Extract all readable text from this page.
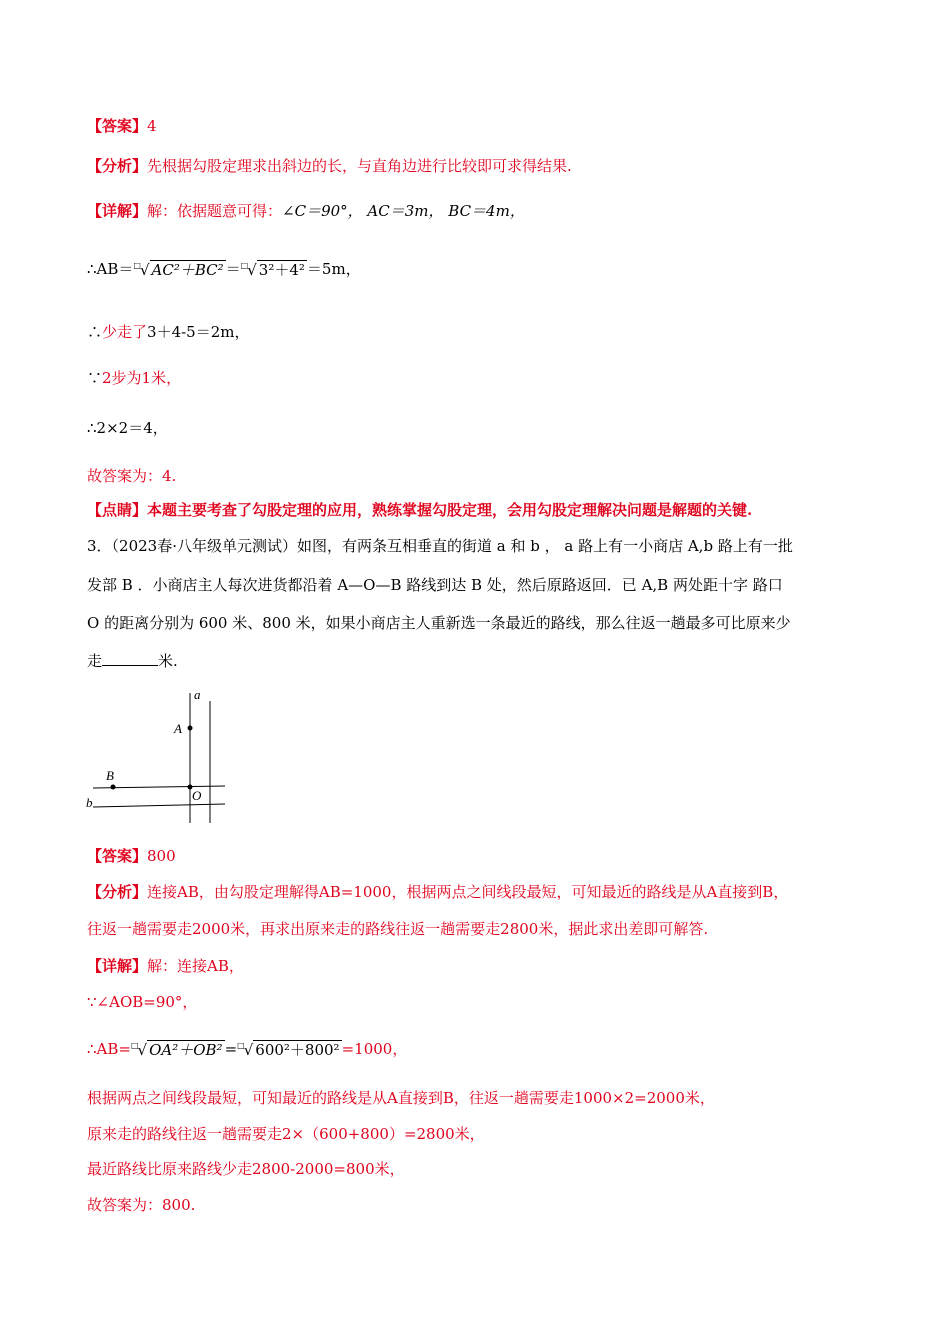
【答案】4
【分析】先根据勾股定理求出斜边的长，与直角边进行比较即可求得结果.
【详解】解：依据题意可得：∠C＝90°， AC＝3m， BC＝4m，
∴AB＝□√ AC²＋BC² ＝□√ 3²＋4² ＝5m，
∴少走了3＋4-5＝2m，
∵2步为1米，
∴2×2＝4，
故答案为：4.
【点睛】本题主要考查了勾股定理的应用，熟练掌握勾股定理，会用勾股定理解决问题是解题的关键.
3．（2023春·八年级单元测试）如图，有两条互相垂直的街道 a 和 b ， a 路上有一小商店 A,b 路上有一批
发部 B ．小商店主人每次进货都沿着 A—O—B 路线到达 B 处，然后原路返回．已 A,B 两处距十字 路口
O 的距离分别为 600 米、800 米，如果小商店主人重新选一条最近的路线，那么往返一趟最多可比原来少
走	米.
a
A
B
O
b
【答案】800
【分析】连接AB，由勾股定理解得AB=1000，根据两点之间线段最短，可知最近的路线是从A直接到B，
往返一趟需要走2000米，再求出原来走的路线往返一趟需要走2800米，据此求出差即可解答.
【详解】解：连接AB，
∵∠AOB=90°，
∴AB=□√ OA²＋OB² =□√ 600²＋800² =1000，
根据两点之间线段最短，可知最近的路线是从A直接到B，往返一趟需要走1000×2=2000米，
原来走的路线往返一趟需要走2×（600+800）=2800米，
最近路线比原来路线少走2800-2000=800米，
故答案为：800.
